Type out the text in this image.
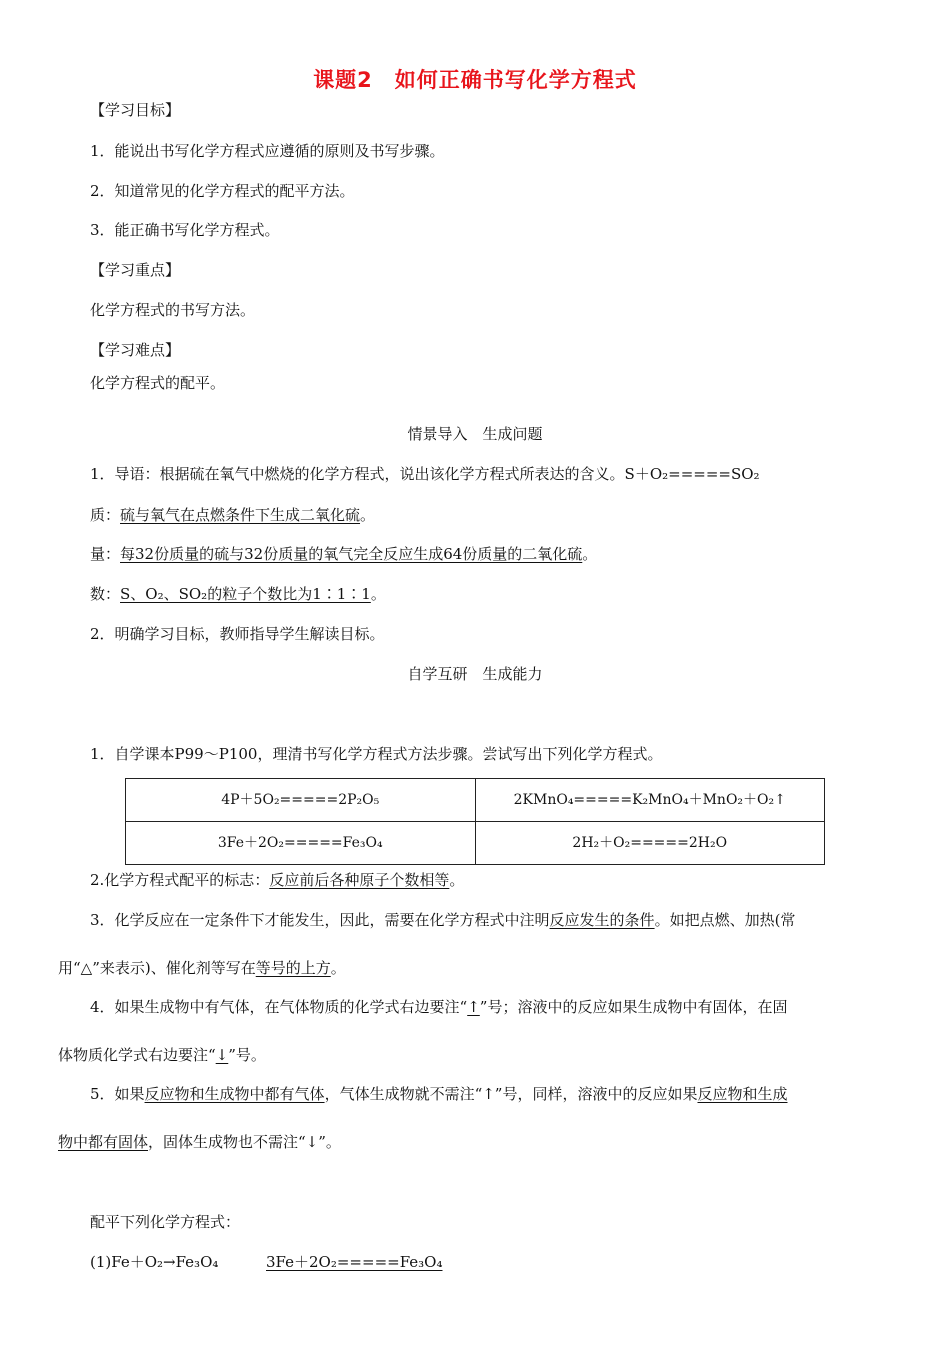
课题2　如何正确书写化学方程式
【学习目标】
1．能说出书写化学方程式应遵循的原则及书写步骤。
2．知道常见的化学方程式的配平方法。
3．能正确书写化学方程式。
【学习重点】
化学方程式的书写方法。
【学习难点】
化学方程式的配平。
情景导入　生成问题
1．导语：根据硫在氧气中燃烧的化学方程式，说出该化学方程式所表达的含义。S＋O₂=====SO₂
质：硫与氧气在点燃条件下生成二氧化硫。
量：每32份质量的硫与32份质量的氧气完全反应生成64份质量的二氧化硫。
数：S、O₂、SO₂的粒子个数比为1∶1∶1。
2．明确学习目标，教师指导学生解读目标。
自学互研　生成能力
1．自学课本P99～P100，理清书写化学方程式方法步骤。尝试写出下列化学方程式。
4P＋5O₂=====2P₂O₅	2KMnO₄=====K₂MnO₄＋MnO₂＋O₂↑
3Fe＋2O₂=====Fe₃O₄	2H₂＋O₂=====2H₂O
2.化学方程式配平的标志：反应前后各种原子个数相等。
3．化学反应在一定条件下才能发生，因此，需要在化学方程式中注明反应发生的条件。如把点燃、加热(常
用“△”来表示)、催化剂等写在等号的上方。
4．如果生成物中有气体，在气体物质的化学式右边要注“↑”号；溶液中的反应如果生成物中有固体，在固
体物质化学式右边要注“↓”号。
5．如果反应物和生成物中都有气体，气体生成物就不需注“↑”号，同样，溶液中的反应如果反应物和生成
物中都有固体，固体生成物也不需注“↓”。
配平下列化学方程式：
(1)Fe＋O₂→Fe₃O₄	3Fe＋2O₂=====Fe₃O₄
